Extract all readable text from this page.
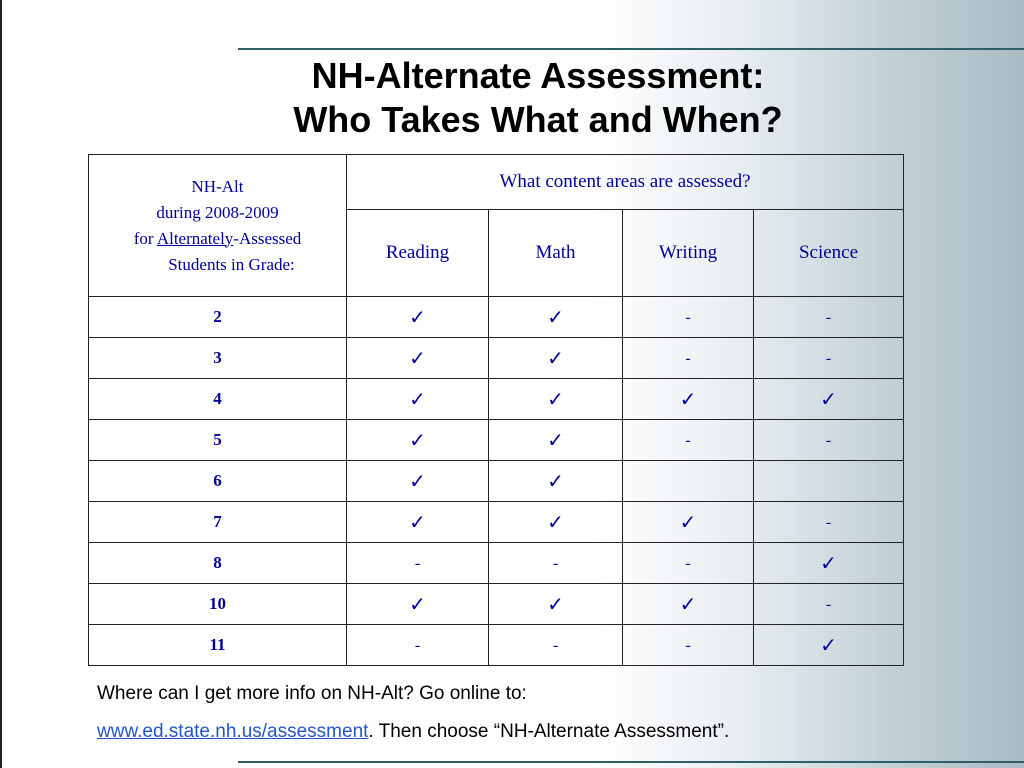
NH-Alternate Assessment:
Who Takes What and When?
NH-Alt
during 2008-2009
for Alternately-Assessed
Students in Grade:	What content areas are assessed?			
	Reading	Math	Writing	Science
2	✓	✓	-	-
3	✓	✓	-	-
4	✓	✓	✓	✓
5	✓	✓	-	-
6	✓	✓		
7	✓	✓	✓	-
8	-	-	-	✓
10	✓	✓	✓	-
11	-	-	-	✓
Where can I get more info on NH-Alt? Go online to:
www.ed.state.nh.us/assessment. Then choose “NH-Alternate Assessment”.
